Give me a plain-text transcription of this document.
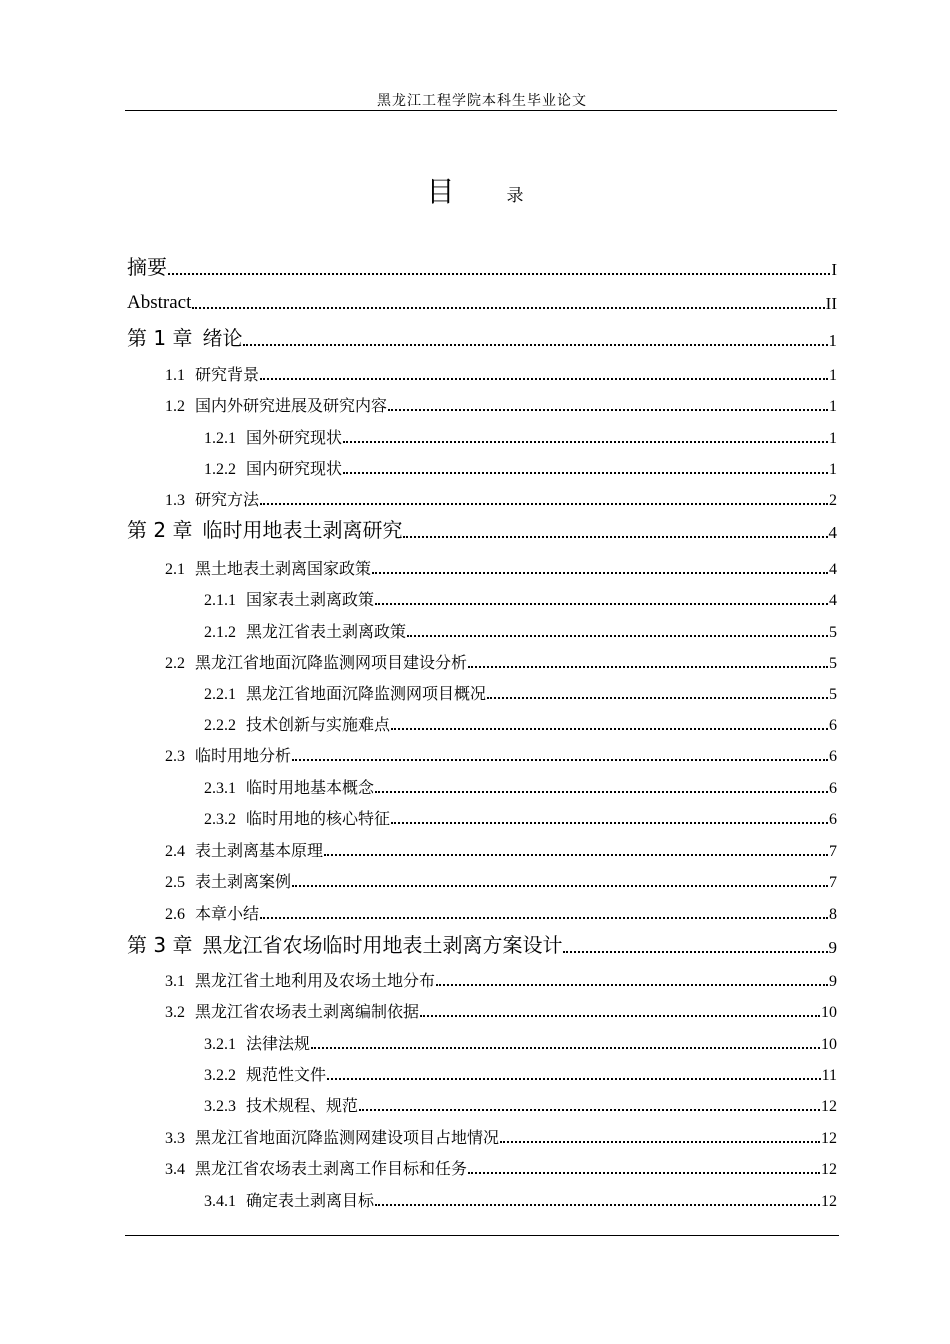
黑龙江工程学院本科生毕业论文
目	录
摘要	I
Abstract	II
第 1 章 绪论	1
1.1 研究背景	1
1.2 国内外研究进展及研究内容	1
1.2.1 国外研究现状	1
1.2.2 国内研究现状	1
1.3 研究方法	2
第 2 章 临时用地表土剥离研究	4
2.1 黑土地表土剥离国家政策	4
2.1.1 国家表土剥离政策	4
2.1.2 黑龙江省表土剥离政策	5
2.2 黑龙江省地面沉降监测网项目建设分析	5
2.2.1 黑龙江省地面沉降监测网项目概况	5
2.2.2 技术创新与实施难点	6
2.3 临时用地分析	6
2.3.1 临时用地基本概念	6
2.3.2 临时用地的核心特征	6
2.4 表土剥离基本原理	7
2.5 表土剥离案例	7
2.6 本章小结	8
第 3 章 黑龙江省农场临时用地表土剥离方案设计	9
3.1 黑龙江省土地利用及农场土地分布	9
3.2 黑龙江省农场表土剥离编制依据	10
3.2.1 法律法规	10
3.2.2 规范性文件	11
3.2.3 技术规程、规范	12
3.3 黑龙江省地面沉降监测网建设项目占地情况	12
3.4 黑龙江省农场表土剥离工作目标和任务	12
3.4.1 确定表土剥离目标	12
